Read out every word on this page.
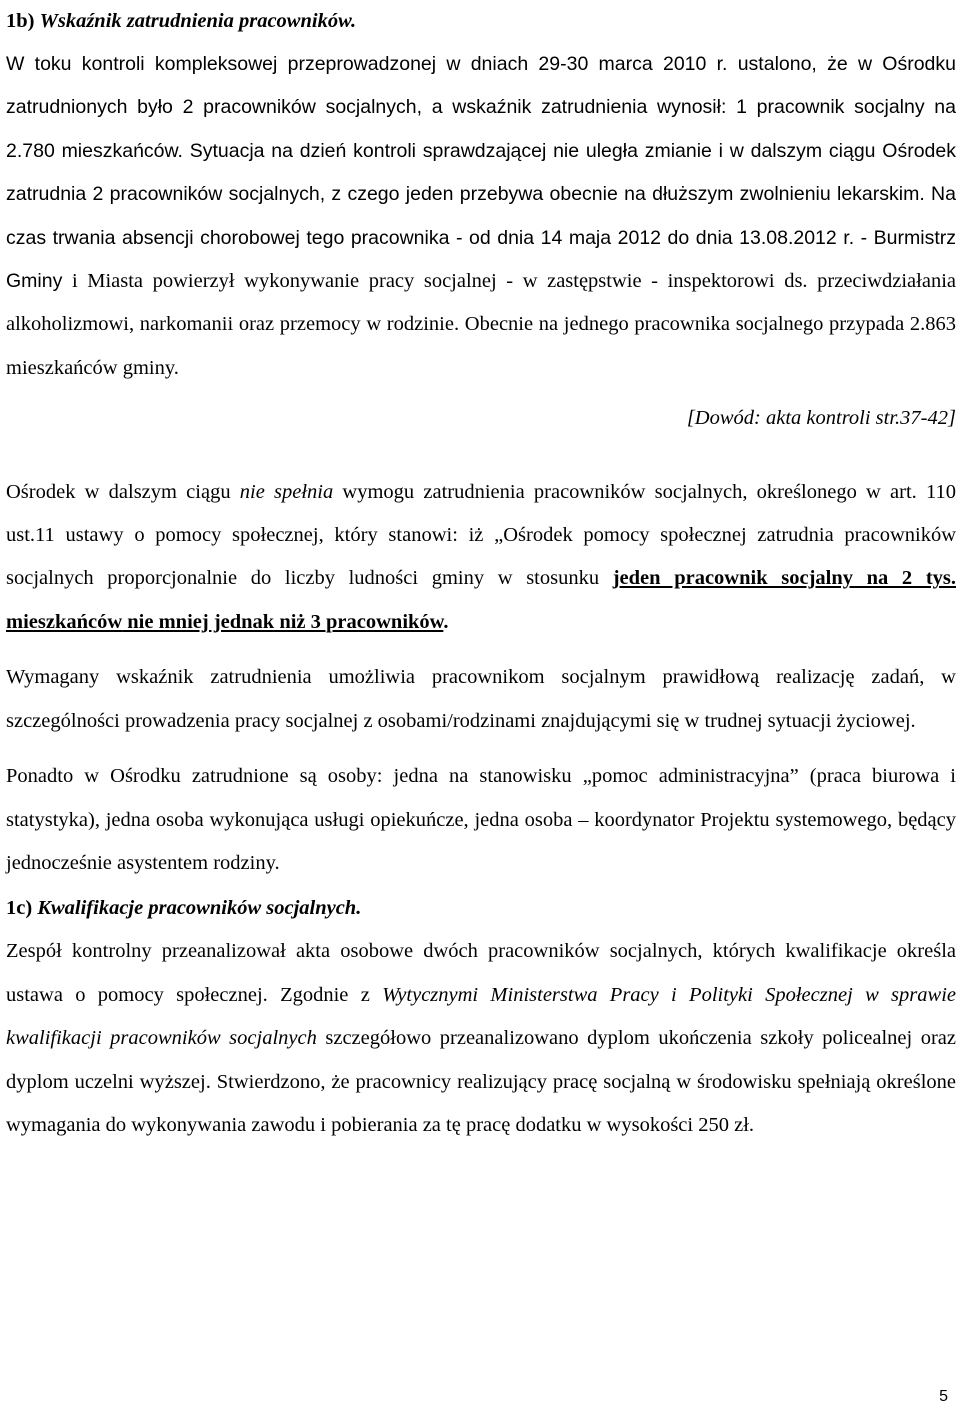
1b) Wskaźnik zatrudnienia pracowników.

W toku kontroli kompleksowej przeprowadzonej w dniach 29-30 marca 2010 r. ustalono, że w Ośrodku zatrudnionych było 2 pracowników socjalnych, a wskaźnik zatrudnienia wynosił: 1 pracownik socjalny na 2.780 mieszkańców. Sytuacja na dzień kontroli sprawdzającej nie uległa zmianie i w dalszym ciągu Ośrodek zatrudnia 2 pracowników socjalnych, z czego jeden przebywa obecnie na dłuższym zwolnieniu lekarskim. Na czas trwania absencji chorobowej tego pracownika - od dnia 14 maja 2012 do dnia 13.08.2012 r. - Burmistrz Gminy i Miasta powierzył wykonywanie pracy socjalnej - w zastępstwie - inspektorowi ds. przeciwdziałania alkoholizmowi, narkomanii oraz przemocy w rodzinie. Obecnie na jednego pracownika socjalnego przypada 2.863 mieszkańców gminy.

[Dowód: akta kontroli str.37-42]

Ośrodek w dalszym ciągu nie spełnia wymogu zatrudnienia pracowników socjalnych, określonego w art. 110 ust.11 ustawy o pomocy społecznej, który stanowi: iż „Ośrodek pomocy społecznej zatrudnia pracowników socjalnych proporcjonalnie do liczby ludności gminy w stosunku jeden pracownik socjalny na 2 tys. mieszkańców nie mniej jednak niż 3 pracowników.

Wymagany wskaźnik zatrudnienia umożliwia pracownikom socjalnym prawidłową realizację zadań, w szczególności prowadzenia pracy socjalnej z osobami/rodzinami znajdującymi się w trudnej sytuacji życiowej.

Ponadto w Ośrodku zatrudnione są osoby: jedna na stanowisku „pomoc administracyjna” (praca biurowa i statystyka), jedna osoba wykonująca usługi opiekuńcze, jedna osoba – koordynator Projektu systemowego, będący jednocześnie asystentem rodziny.

1c) Kwalifikacje pracowników socjalnych.

Zespół kontrolny przeanalizował akta osobowe dwóch pracowników socjalnych, których kwalifikacje określa ustawa o pomocy społecznej. Zgodnie z Wytycznymi Ministerstwa Pracy i Polityki Społecznej w sprawie kwalifikacji pracowników socjalnych szczegółowo przeanalizowano dyplom ukończenia szkoły policealnej oraz dyplom uczelni wyższej. Stwierdzono, że pracownicy realizujący pracę socjalną w środowisku spełniają określone wymagania do wykonywania zawodu i pobierania za tę pracę dodatku w wysokości 250 zł.

5
